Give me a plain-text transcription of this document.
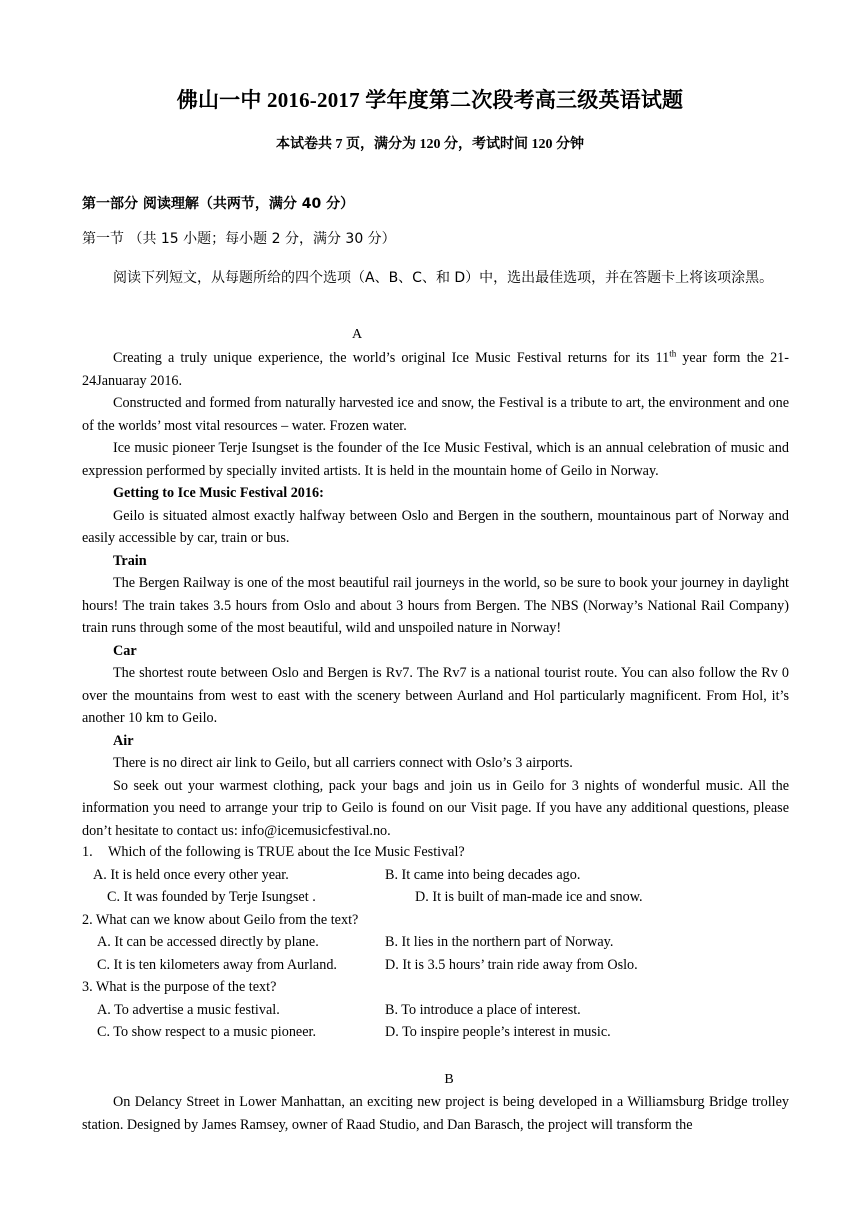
佛山一中 2016-2017 学年度第二次段考高三级英语试题
本试卷共 7 页，满分为 120 分，考试时间 120 分钟
第一部分 阅读理解（共两节，满分 40 分）
第一节 （共 15 小题；每小题 2 分，满分 30 分）
阅读下列短文，从每题所给的四个选项（A、B、C、和 D）中，选出最佳选项，并在答题卡上将该项涂黑。
A

Creating a truly unique experience, the world’s original Ice Music Festival returns for its 11th year form the 21-24Januaray 2016.

Constructed and formed from naturally harvested ice and snow, the Festival is a tribute to art, the environment and one of the worlds’ most vital resources – water. Frozen water.

Ice music pioneer Terje Isungset is the founder of the Ice Music Festival, which is an annual celebration of music and expression performed by specially invited artists. It is held in the mountain home of Geilo in Norway.

Getting to Ice Music Festival 2016:

Geilo is situated almost exactly halfway between Oslo and Bergen in the southern, mountainous part of Norway and easily accessible by car, train or bus.

Train

The Bergen Railway is one of the most beautiful rail journeys in the world, so be sure to book your journey in daylight hours! The train takes 3.5 hours from Oslo and about 3 hours from Bergen. The NBS (Norway’s National Rail Company) train runs through some of the most beautiful, wild and unspoiled nature in Norway!

Car

The shortest route between Oslo and Bergen is Rv7. The Rv7 is a national tourist route. You can also follow the Rv 0 over the mountains from west to east with the scenery between Aurland and Hol particularly magnificent. From Hol, it’s another 10 km to Geilo.

Air

There is no direct air link to Geilo, but all carriers connect with Oslo’s 3 airports.

So seek out your warmest clothing, pack your bags and join us in Geilo for 3 nights of wonderful music. All the information you need to arrange your trip to Geilo is found on our Visit page. If you have any additional questions, please don’t hesitate to contact us: info@icemusicfestival.no.

1. Which of the following is TRUE about the Ice Music Festival?
A. It is held once every other year.	B. It came into being decades ago.
C. It was founded by Terje Isungset .	D. It is built of man-made ice and snow.
2. What can we know about Geilo from the text?
A. It can be accessed directly by plane.	B. It lies in the northern part of Norway.
C. It is ten kilometers away from Aurland.	D. It is 3.5 hours’ train ride away from Oslo.
3. What is the purpose of the text?
A. To advertise a music festival.	B. To introduce a place of interest.
C. To show respect to a music pioneer.	D. To inspire people’s interest in music.
B

On Delancy Street in Lower Manhattan, an exciting new project is being developed in a Williamsburg Bridge trolley station. Designed by James Ramsey, owner of Raad Studio, and Dan Barasch, the project will transform the
